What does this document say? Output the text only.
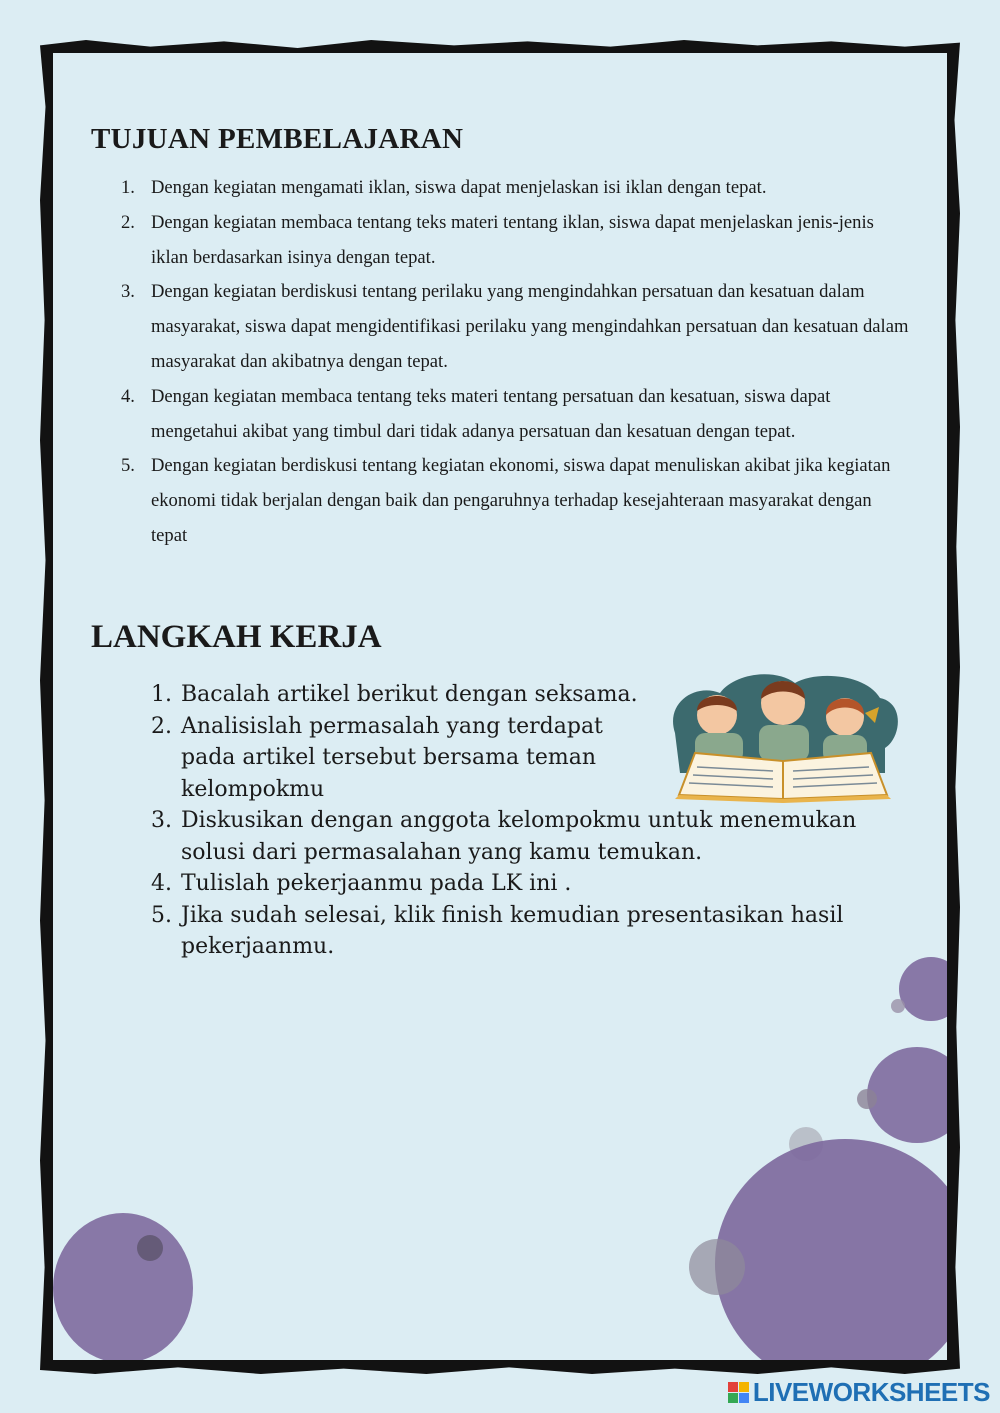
TUJUAN PEMBELAJARAN
1. Dengan kegiatan mengamati iklan, siswa dapat menjelaskan isi iklan dengan tepat.
2. Dengan kegiatan membaca tentang teks materi tentang iklan, siswa dapat menjelaskan jenis-jenis iklan berdasarkan isinya dengan tepat.
3. Dengan kegiatan berdiskusi tentang perilaku yang mengindahkan persatuan dan kesatuan dalam masyarakat, siswa dapat mengidentifikasi perilaku yang mengindahkan persatuan dan kesatuan dalam masyarakat dan akibatnya dengan tepat.
4. Dengan kegiatan membaca tentang teks materi tentang persatuan dan kesatuan, siswa dapat mengetahui akibat yang timbul dari tidak adanya persatuan dan kesatuan dengan tepat.
5. Dengan kegiatan berdiskusi tentang kegiatan ekonomi, siswa dapat menuliskan akibat jika kegiatan ekonomi tidak berjalan dengan baik dan pengaruhnya terhadap kesejahteraan masyarakat dengan tepat
LANGKAH KERJA
1. Bacalah artikel berikut dengan seksama.
2. Analisislah permasalah yang terdapat pada artikel tersebut bersama teman kelompokmu
3. Diskusikan dengan anggota kelompokmu untuk menemukan solusi dari permasalahan yang kamu temukan.
4. Tulislah pekerjaanmu pada LK ini .
5. Jika sudah selesai, klik finish kemudian presentasikan hasil pekerjaanmu.
LIVEWORKSHEETS
